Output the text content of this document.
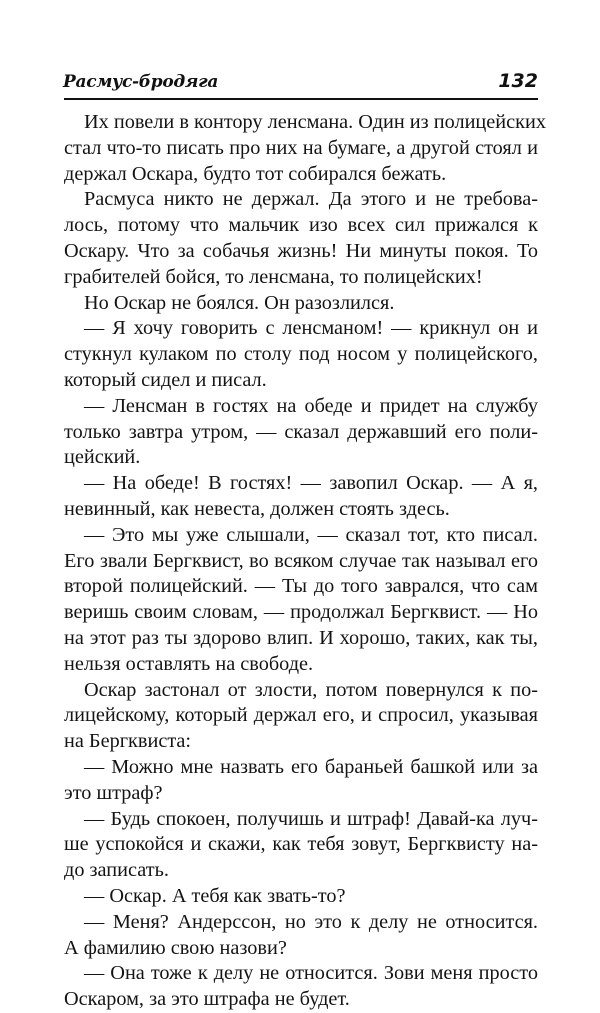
Расмус-бродяга	132
Их повели в контору ленсмана. Один из полицейских
стал что-то писать про них на бумаге, а другой стоял и
держал Оскара, будто тот собирался бежать.
Расмуса никто не держал. Да этого и не требова-
лось, потому что мальчик изо всех сил прижался к
Оскару. Что за собачья жизнь! Ни минуты покоя. То
грабителей бойся, то ленсмана, то полицейских!
Но Оскар не боялся. Он разозлился.
— Я хочу говорить с ленсманом! — крикнул он и
стукнул кулаком по столу под носом у полицейского,
который сидел и писал.
— Ленсман в гостях на обеде и придет на службу
только завтра утром, — сказал державший его поли-
цейский.
— На обеде! В гостях! — завопил Оскар. — А я,
невинный, как невеста, должен стоять здесь.
— Это мы уже слышали, — сказал тот, кто писал.
Его звали Бергквист, во всяком случае так называл его
второй полицейский. — Ты до того заврался, что сам
веришь своим словам, — продолжал Бергквист. — Но
на этот раз ты здорово влип. И хорошо, таких, как ты,
нельзя оставлять на свободе.
Оскар застонал от злости, потом повернулся к по-
лицейскому, который держал его, и спросил, указывая
на Бергквиста:
— Можно мне назвать его бараньей башкой или за
это штраф?
— Будь спокоен, получишь и штраф! Давай-ка луч-
ше успокойся и скажи, как тебя зовут, Бергквисту на-
до записать.
— Оскар. А тебя как звать-то?
— Меня? Андерссон, но это к делу не относится.
А фамилию свою назови?
— Она тоже к делу не относится. Зови меня просто
Оскаром, за это штрафа не будет.
